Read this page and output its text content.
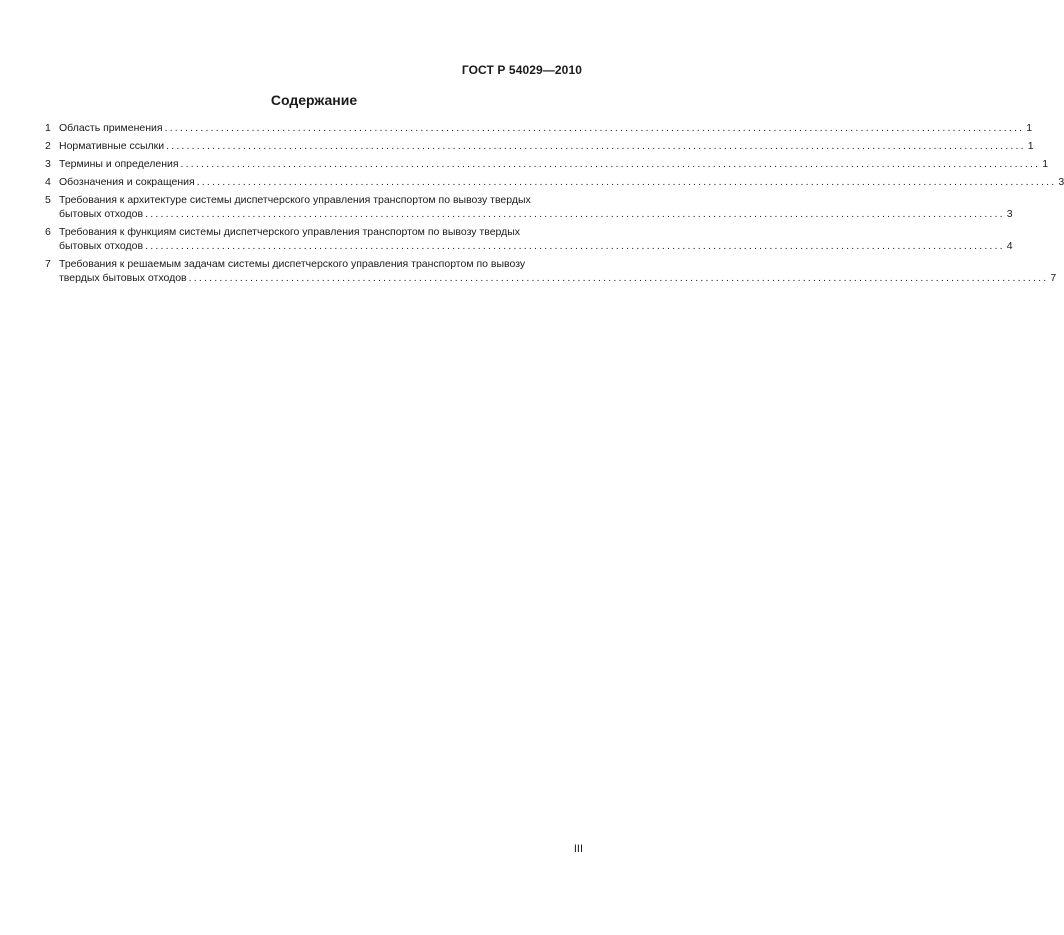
ГОСТ Р 54029—2010
Содержание
1 Область применения ........................................................................................................................................................................ 1
2 Нормативные ссылки ........................................................................................................................................................................ 1
3 Термины и определения ........................................................................................................................................................................ 1
4 Обозначения и сокращения ........................................................................................................................................................................ 3
5 Требования к архитектуре системы диспетчерского управления транспортом по вывозу твердых
бытовых отходов ........................................................................................................................................................................ 3
6 Требования к функциям системы диспетчерского управления транспортом по вывозу твердых
бытовых отходов ........................................................................................................................................................................ 4
7 Требования к решаемым задачам системы диспетчерского управления транспортом по вывозу
твердых бытовых отходов ........................................................................................................................................................................ 7
III
